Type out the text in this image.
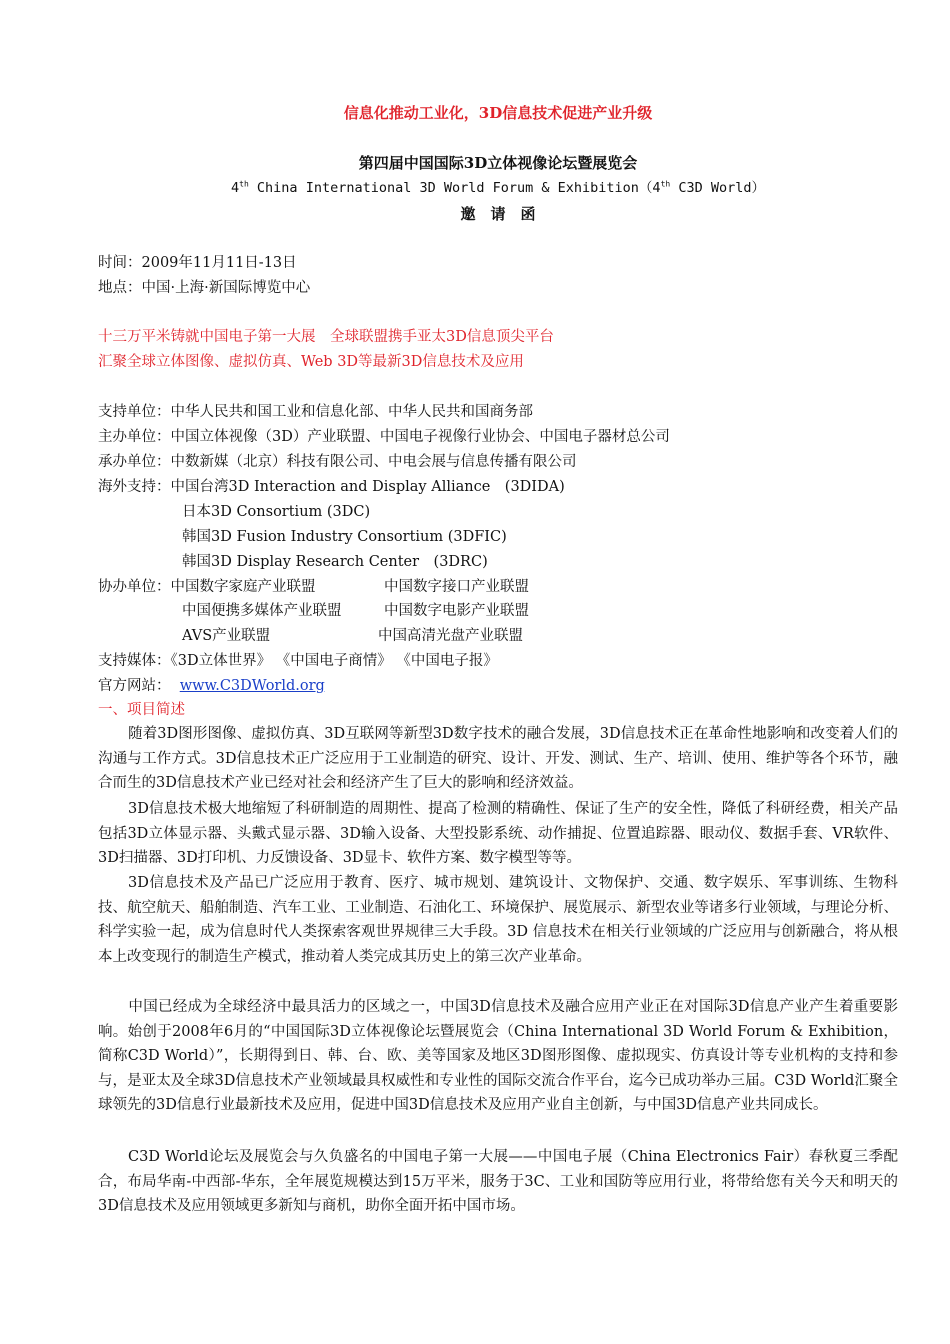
信息化推动工业化，3D信息技术促进产业升级
第四届中国国际3D立体视像论坛暨展览会
4th China International 3D World Forum & Exhibition（4th C3D World）
邀　请　函
时间：2009年11月11日-13日
地点：中国·上海·新国际博览中心
十三万平米铸就中国电子第一大展　全球联盟携手亚太3D信息顶尖平台
汇聚全球立体图像、虚拟仿真、Web 3D等最新3D信息技术及应用
支持单位：中华人民共和国工业和信息化部、中华人民共和国商务部
主办单位：中国立体视像（3D）产业联盟、中国电子视像行业协会、中国电子器材总公司
承办单位：中数新媒（北京）科技有限公司、中电会展与信息传播有限公司
海外支持：中国台湾3D Interaction and Display Alliance　(3DIDA)
日本3D Consortium (3DC)
韩国3D Fusion Industry Consortium (3DFIC)
韩国3D Display Research Center　(3DRC)
协办单位：中国数字家庭产业联盟	中国数字接口产业联盟
中国便携多媒体产业联盟	中国数字电影产业联盟
AVS产业联盟	中国高清光盘产业联盟
支持媒体：《3D立体世界》 《中国电子商情》 《中国电子报》
官方网站： www.C3DWorld.org
一、项目简述
随着3D图形图像、虚拟仿真、3D互联网等新型3D数字技术的融合发展，3D信息技术正在革命性地影响和改变着人们的沟通与工作方式。3D信息技术正广泛应用于工业制造的研究、设计、开发、测试、生产、培训、使用、维护等各个环节，融合而生的3D信息技术产业已经对社会和经济产生了巨大的影响和经济效益。
3D信息技术极大地缩短了科研制造的周期性、提高了检测的精确性、保证了生产的安全性，降低了科研经费，相关产品包括3D立体显示器、头戴式显示器、3D输入设备、大型投影系统、动作捕捉、位置追踪器、眼动仪、数据手套、VR软件、3D扫描器、3D打印机、力反馈设备、3D显卡、软件方案、数字模型等等。
3D信息技术及产品已广泛应用于教育、医疗、城市规划、建筑设计、文物保护、交通、数字娱乐、军事训练、生物科技、航空航天、船舶制造、汽车工业、工业制造、石油化工、环境保护、展览展示、新型农业等诸多行业领域，与理论分析、科学实验一起，成为信息时代人类探索客观世界规律三大手段。3D 信息技术在相关行业领域的广泛应用与创新融合，将从根本上改变现行的制造生产模式，推动着人类完成其历史上的第三次产业革命。
中国已经成为全球经济中最具活力的区域之一，中国3D信息技术及融合应用产业正在对国际3D信息产业产生着重要影响。始创于2008年6月的“中国国际3D立体视像论坛暨展览会（China International 3D World Forum & Exhibition，简称C3D World）”，长期得到日、韩、台、欧、美等国家及地区3D图形图像、虚拟现实、仿真设计等专业机构的支持和参与，是亚太及全球3D信息技术产业领域最具权威性和专业性的国际交流合作平台，迄今已成功举办三届。C3D World汇聚全球领先的3D信息行业最新技术及应用，促进中国3D信息技术及应用产业自主创新，与中国3D信息产业共同成长。
C3D World论坛及展览会与久负盛名的中国电子第一大展——中国电子展（China Electronics Fair）春秋夏三季配合，布局华南-中西部-华东，全年展览规模达到15万平米，服务于3C、工业和国防等应用行业，将带给您有关今天和明天的3D信息技术及应用领域更多新知与商机，助你全面开拓中国市场。
